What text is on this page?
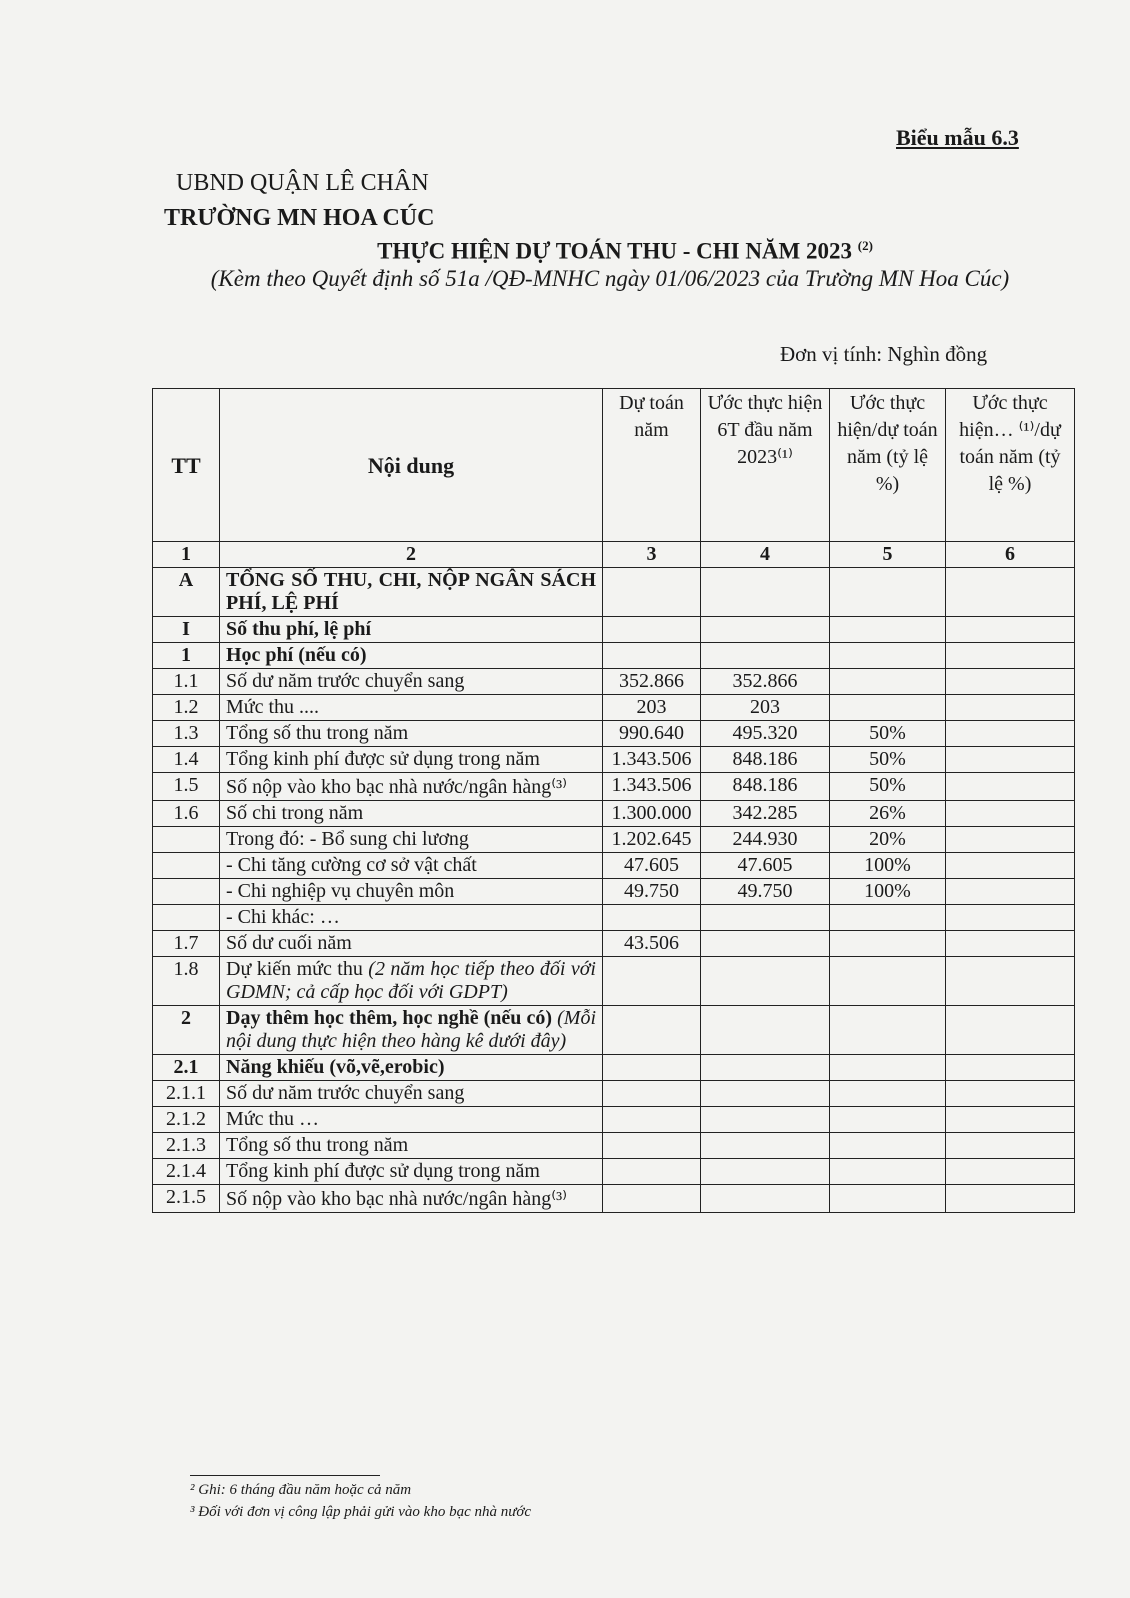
Biểu mẫu 6.3
UBND QUẬN LÊ CHÂN
TRƯỜNG MN HOA CÚC
THỰC HIỆN DỰ TOÁN THU - CHI NĂM 2023 $^{(2)}$
(Kèm theo Quyết định số 51a /QĐ-MNHC ngày 01/06/2023 của Trường MN Hoa Cúc)
Đơn vị tính: Nghìn đồng
TT	Nội dung	Dự toán năm	Ước thực hiện 6T đầu năm 2023⁽¹⁾	Ước thực hiện/dự toán năm (tỷ lệ %)	Ước thực hiện… ⁽¹⁾/dự toán năm (tỷ lệ %)
1	2	3	4	5	6
A	TỔNG SỐ THU, CHI, NỘP NGÂN SÁCH PHÍ, LỆ PHÍ				
I	Số thu phí, lệ phí				
1	Học phí (nếu có)				
1.1	Số dư năm trước chuyển sang	352.866	352.866		
1.2	Mức thu ....	203	203		
1.3	Tổng số thu trong năm	990.640	495.320	50%	
1.4	Tổng kinh phí được sử dụng trong năm	1.343.506	848.186	50%	
1.5	Số nộp vào kho bạc nhà nước/ngân hàng⁽³⁾	1.343.506	848.186	50%	
1.6	Số chi trong năm	1.300.000	342.285	26%	
	Trong đó: - Bổ sung chi lương	1.202.645	244.930	20%	
	- Chi tăng cường cơ sở vật chất	47.605	47.605	100%	
	- Chi nghiệp vụ chuyên môn	49.750	49.750	100%	
	- Chi khác: …				
1.7	Số dư cuối năm	43.506			
1.8	Dự kiến mức thu (2 năm học tiếp theo đối với GDMN; cả cấp học đối với GDPT)				
2	Dạy thêm học thêm, học nghề (nếu có) (Mỗi nội dung thực hiện theo hàng kê dưới đây)				
2.1	Năng khiếu (võ,vẽ,erobic)				
2.1.1	Số dư năm trước chuyển sang				
2.1.2	Mức thu …				
2.1.3	Tổng số thu trong năm				
2.1.4	Tổng kinh phí được sử dụng trong năm				
2.1.5	Số nộp vào kho bạc nhà nước/ngân hàng⁽³⁾				
² Ghi: 6 tháng đầu năm hoặc cả năm
³ Đối với đơn vị công lập phải gửi vào kho bạc nhà nước
